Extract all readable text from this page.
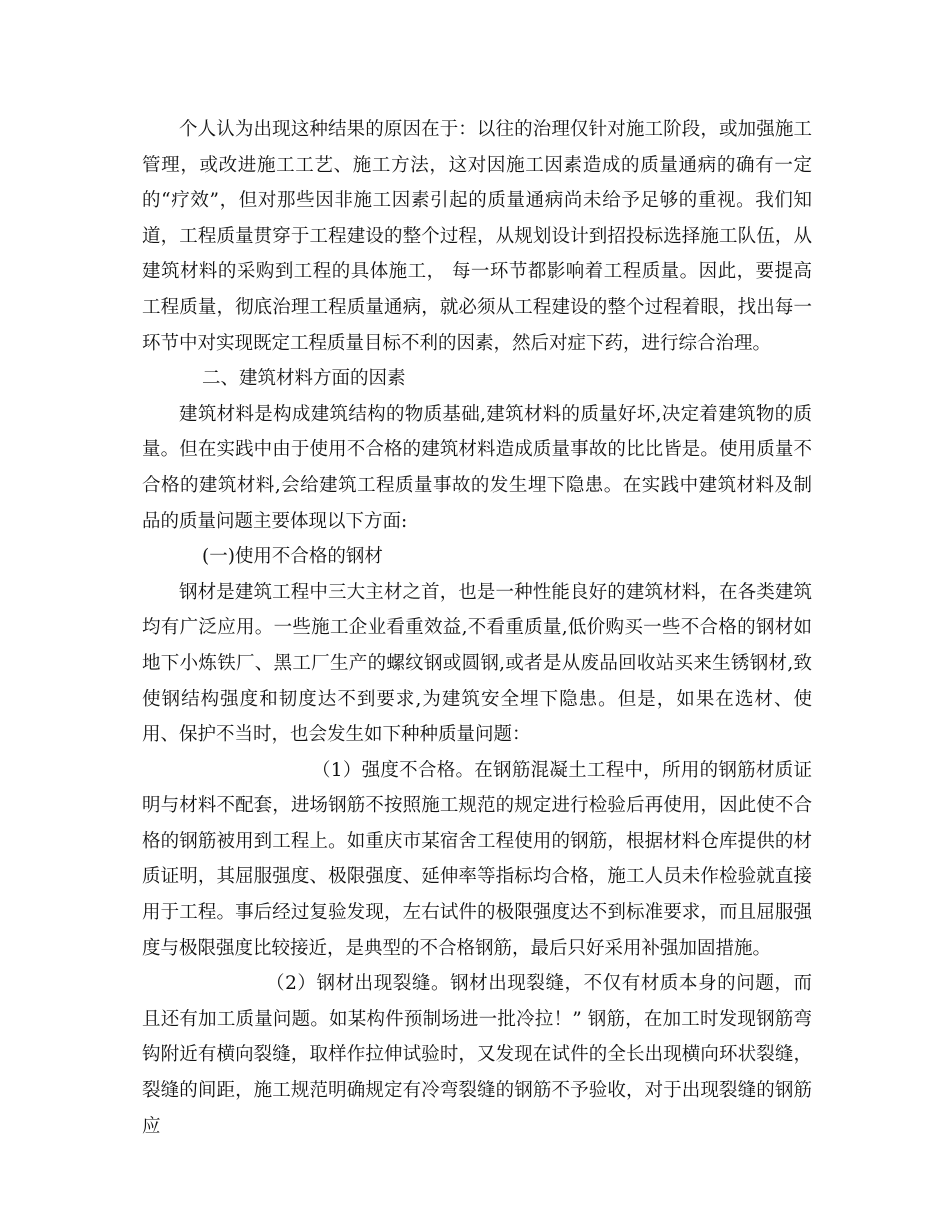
个人认为出现这种结果的原因在于：以往的治理仅针对施工阶段，或加强施工管理，或改进施工工艺、施工方法，这对因施工因素造成的质量通病的确有一定的“疗效”，但对那些因非施工因素引起的质量通病尚未给予足够的重视。我们知道，工程质量贯穿于工程建设的整个过程，从规划设计到招投标选择施工队伍，从建筑材料的采购到工程的具体施工， 每一环节都影响着工程质量。因此，要提高工程质量，彻底治理工程质量通病，就必须从工程建设的整个过程着眼，找出每一环节中对实现既定工程质量目标不利的因素，然后对症下药，进行综合治理。

二、建筑材料方面的因素

建筑材料是构成建筑结构的物质基础,建筑材料的质量好坏,决定着建筑物的质量。但在实践中由于使用不合格的建筑材料造成质量事故的比比皆是。使用质量不合格的建筑材料,会给建筑工程质量事故的发生埋下隐患。在实践中建筑材料及制品的质量问题主要体现以下方面:

(一)使用不合格的钢材

钢材是建筑工程中三大主材之首，也是一种性能良好的建筑材料，在各类建筑均有广泛应用。一些施工企业看重效益,不看重质量,低价购买一些不合格的钢材如地下小炼铁厂、黑工厂生产的螺纹钢或圆钢,或者是从废品回收站买来生锈钢材,致使钢结构强度和韧度达不到要求,为建筑安全埋下隐患。但是，如果在选材、使用、保护不当时，也会发生如下种种质量问题：

（1）强度不合格。在钢筋混凝土工程中，所用的钢筋材质证明与材料不配套，进场钢筋不按照施工规范的规定进行检验后再使用，因此使不合格的钢筋被用到工程上。如重庆市某宿舍工程使用的钢筋，根据材料仓库提供的材质证明，其屈服强度、极限强度、延伸率等指标均合格，施工人员未作检验就直接用于工程。事后经过复验发现，左右试件的极限强度达不到标准要求，而且屈服强度与极限强度比较接近，是典型的不合格钢筋，最后只好采用补强加固措施。

（2）钢材出现裂缝。钢材出现裂缝，不仅有材质本身的问题，而且还有加工质量问题。如某构件预制场进一批冷拉！” 钢筋，在加工时发现钢筋弯钩附近有横向裂缝，取样作拉伸试验时，又发现在试件的全长出现横向环状裂缝，裂缝的间距，施工规范明确规定有冷弯裂缝的钢筋不予验收，对于出现裂缝的钢筋应
